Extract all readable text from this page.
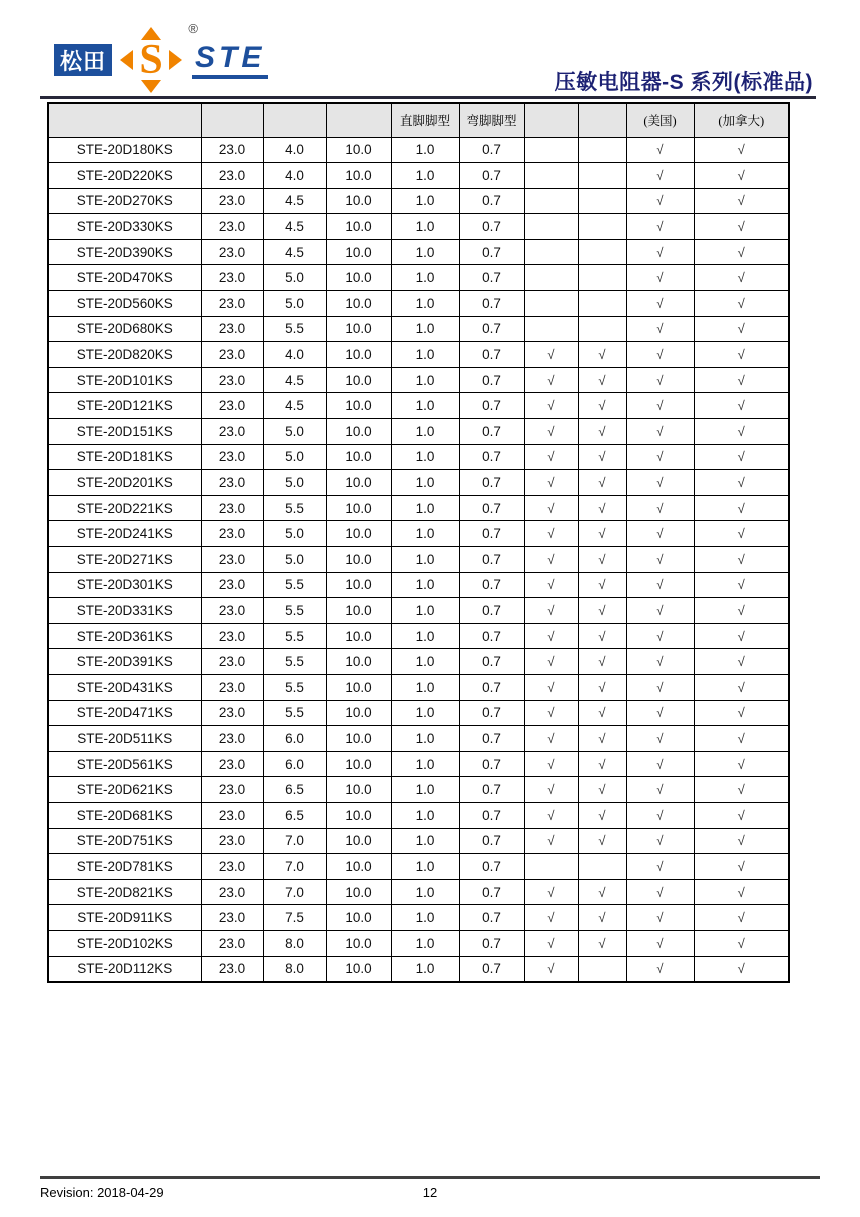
松田 S
®
STE
压敏电阻器-S 系列(标准品)
				直脚脚型	弯脚脚型			(美国)	(加拿大)
STE-20D180KS	23.0	4.0	10.0	1.0	0.7			√	√
STE-20D220KS	23.0	4.0	10.0	1.0	0.7			√	√
STE-20D270KS	23.0	4.5	10.0	1.0	0.7			√	√
STE-20D330KS	23.0	4.5	10.0	1.0	0.7			√	√
STE-20D390KS	23.0	4.5	10.0	1.0	0.7			√	√
STE-20D470KS	23.0	5.0	10.0	1.0	0.7			√	√
STE-20D560KS	23.0	5.0	10.0	1.0	0.7			√	√
STE-20D680KS	23.0	5.5	10.0	1.0	0.7			√	√
STE-20D820KS	23.0	4.0	10.0	1.0	0.7	√	√	√	√
STE-20D101KS	23.0	4.5	10.0	1.0	0.7	√	√	√	√
STE-20D121KS	23.0	4.5	10.0	1.0	0.7	√	√	√	√
STE-20D151KS	23.0	5.0	10.0	1.0	0.7	√	√	√	√
STE-20D181KS	23.0	5.0	10.0	1.0	0.7	√	√	√	√
STE-20D201KS	23.0	5.0	10.0	1.0	0.7	√	√	√	√
STE-20D221KS	23.0	5.5	10.0	1.0	0.7	√	√	√	√
STE-20D241KS	23.0	5.0	10.0	1.0	0.7	√	√	√	√
STE-20D271KS	23.0	5.0	10.0	1.0	0.7	√	√	√	√
STE-20D301KS	23.0	5.5	10.0	1.0	0.7	√	√	√	√
STE-20D331KS	23.0	5.5	10.0	1.0	0.7	√	√	√	√
STE-20D361KS	23.0	5.5	10.0	1.0	0.7	√	√	√	√
STE-20D391KS	23.0	5.5	10.0	1.0	0.7	√	√	√	√
STE-20D431KS	23.0	5.5	10.0	1.0	0.7	√	√	√	√
STE-20D471KS	23.0	5.5	10.0	1.0	0.7	√	√	√	√
STE-20D511KS	23.0	6.0	10.0	1.0	0.7	√	√	√	√
STE-20D561KS	23.0	6.0	10.0	1.0	0.7	√	√	√	√
STE-20D621KS	23.0	6.5	10.0	1.0	0.7	√	√	√	√
STE-20D681KS	23.0	6.5	10.0	1.0	0.7	√	√	√	√
STE-20D751KS	23.0	7.0	10.0	1.0	0.7	√	√	√	√
STE-20D781KS	23.0	7.0	10.0	1.0	0.7			√	√
STE-20D821KS	23.0	7.0	10.0	1.0	0.7	√	√	√	√
STE-20D911KS	23.0	7.5	10.0	1.0	0.7	√	√	√	√
STE-20D102KS	23.0	8.0	10.0	1.0	0.7	√	√	√	√
STE-20D112KS	23.0	8.0	10.0	1.0	0.7	√		√	√
Revision: 2018-04-29	12
